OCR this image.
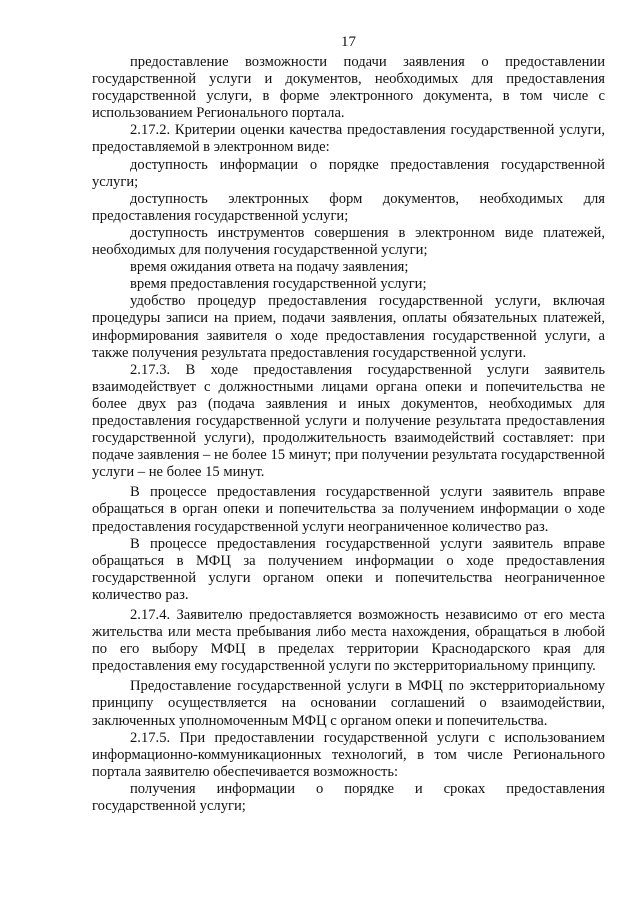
17

предоставление возможности подачи заявления о предоставлении государственной услуги и документов, необходимых для предоставления государственной услуги, в форме электронного документа, в том числе с использованием Регионального портала.

2.17.2. Критерии оценки качества предоставления государственной услуги, предоставляемой в электронном виде:

доступность информации о порядке предоставления государственной услуги;

доступность электронных форм документов, необходимых для предоставления государственной услуги;

доступность инструментов совершения в электронном виде платежей, необходимых для получения государственной услуги;

время ожидания ответа на подачу заявления;

время предоставления государственной услуги;

удобство процедур предоставления государственной услуги, включая процедуры записи на прием, подачи заявления, оплаты обязательных платежей, информирования заявителя о ходе предоставления государственной услуги, а также получения результата предоставления государственной услуги.

2.17.3. В ходе предоставления государственной услуги заявитель взаимодействует с должностными лицами органа опеки и попечительства не более двух раз (подача заявления и иных документов, необходимых для предоставления государственной услуги и получение результата предоставления государственной услуги), продолжительность взаимодействий составляет: при подаче заявления – не более 15 минут; при получении результата государственной услуги – не более 15 минут.

В процессе предоставления государственной услуги заявитель вправе обращаться в орган опеки и попечительства за получением информации о ходе предоставления государственной услуги неограниченное количество раз.

В процессе предоставления государственной услуги заявитель вправе обращаться в МФЦ за получением информации о ходе предоставления государственной услуги органом опеки и попечительства неограниченное количество раз.

2.17.4. Заявителю предоставляется возможность независимо от его места жительства или места пребывания либо места нахождения, обращаться в любой по его выбору МФЦ в пределах территории Краснодарского края для предоставления ему государственной услуги по экстерриториальному принципу.

Предоставление государственной услуги в МФЦ по экстерриториальному принципу осуществляется на основании соглашений о взаимодействии, заключенных уполномоченным МФЦ с органом опеки и попечительства.

2.17.5. При предоставлении государственной услуги с использованием информационно-коммуникационных технологий, в том числе Регионального портала заявителю обеспечивается возможность:

получения информации о порядке и сроках предоставления государственной услуги;
